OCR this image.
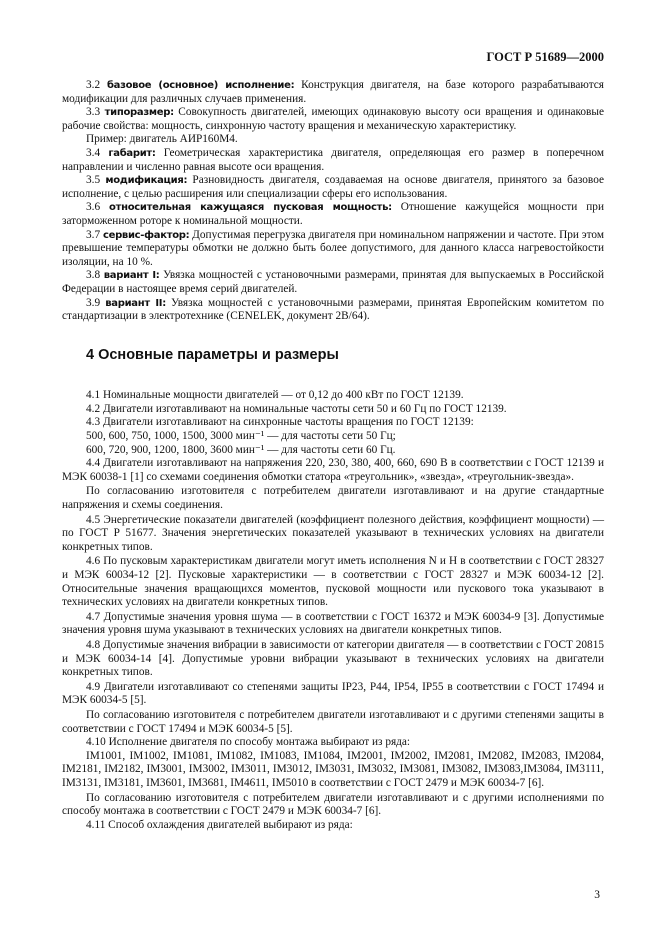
ГОСТ Р 51689—2000

3.2 базовое (основное) исполнение: Конструкция двигателя, на базе которого разрабатываются модификации для различных случаев применения.

3.3 типоразмер: Совокупность двигателей, имеющих одинаковую высоту оси вращения и одинаковые рабочие свойства: мощность, синхронную частоту вращения и механическую характеристику.

Пример: двигатель АИР160М4.

3.4 габарит: Геометрическая характеристика двигателя, определяющая его размер в поперечном направлении и численно равная высоте оси вращения.

3.5 модификация: Разновидность двигателя, создаваемая на основе двигателя, принятого за базовое исполнение, с целью расширения или специализации сферы его использования.

3.6 относительная кажущаяся пусковая мощность: Отношение кажущейся мощности при заторможенном роторе к номинальной мощности.

3.7 сервис-фактор: Допустимая перегрузка двигателя при номинальном напряжении и частоте. При этом превышение температуры обмотки не должно быть более допустимого, для данного класса нагревостойкости изоляции, на 10 %.

3.8 вариант I: Увязка мощностей с установочными размерами, принятая для выпускаемых в Российской Федерации в настоящее время серий двигателей.

3.9 вариант II: Увязка мощностей с установочными размерами, принятая Европейским комитетом по стандартизации в электротехнике (CENELEK, документ 2B/64).

4 Основные параметры и размеры

4.1 Номинальные мощности двигателей — от 0,12 до 400 кВт по ГОСТ 12139.

4.2 Двигатели изготавливают на номинальные частоты сети 50 и 60 Гц по ГОСТ 12139.

4.3 Двигатели изготавливают на синхронные частоты вращения по ГОСТ 12139:

500, 600, 750, 1000, 1500, 3000 мин⁻¹ — для частоты сети 50 Гц;

600, 720, 900, 1200, 1800, 3600 мин⁻¹ — для частоты сети 60 Гц.

4.4 Двигатели изготавливают на напряжения 220, 230, 380, 400, 660, 690 В в соответствии с ГОСТ 12139 и МЭК 60038-1 [1] со схемами соединения обмотки статора «треугольник», «звезда», «треугольник-звезда».

По согласованию изготовителя с потребителем двигатели изготавливают и на другие стандартные напряжения и схемы соединения.

4.5 Энергетические показатели двигателей (коэффициент полезного действия, коэффициент мощности) — по ГОСТ Р 51677. Значения энергетических показателей указывают в технических условиях на двигатели конкретных типов.

4.6 По пусковым характеристикам двигатели могут иметь исполнения N и H в соответствии с ГОСТ 28327 и МЭК 60034-12 [2]. Пусковые характеристики — в соответствии с ГОСТ 28327 и МЭК 60034-12 [2]. Относительные значения вращающихся моментов, пусковой мощности или пускового тока указывают в технических условиях на двигатели конкретных типов.

4.7 Допустимые значения уровня шума — в соответствии с ГОСТ 16372 и МЭК 60034-9 [3]. Допустимые значения уровня шума указывают в технических условиях на двигатели конкретных типов.

4.8 Допустимые значения вибрации в зависимости от категории двигателя — в соответствии с ГОСТ 20815 и МЭК 60034-14 [4]. Допустимые уровни вибрации указывают в технических условиях на двигатели конкретных типов.

4.9 Двигатели изготавливают со степенями защиты IP23, P44, IP54, IP55 в соответствии с ГОСТ 17494 и МЭК 60034-5 [5].

По согласованию изготовителя с потребителем двигатели изготавливают и с другими степенями защиты в соответствии с ГОСТ 17494 и МЭК 60034-5 [5].

4.10 Исполнение двигателя по способу монтажа выбирают из ряда:

IM1001, IM1002, IM1081, IM1082, IM1083, IM1084, IM2001, IM2002, IM2081, IM2082, IM2083, IM2084, IM2181, IM2182, IM3001, IM3002, IM3011, IM3012, IM3031, IM3032, IM3081, IM3082, IM3083,IM3084, IM3111, IM3131, IM3181, IM3601, IM3681, IM4611, IM5010 в соответствии с ГОСТ 2479 и МЭК 60034-7 [6].

По согласованию изготовителя с потребителем двигатели изготавливают и с другими исполнениями по способу монтажа в соответствии с ГОСТ 2479 и МЭК 60034-7 [6].

4.11 Способ охлаждения двигателей выбирают из ряда:

3
